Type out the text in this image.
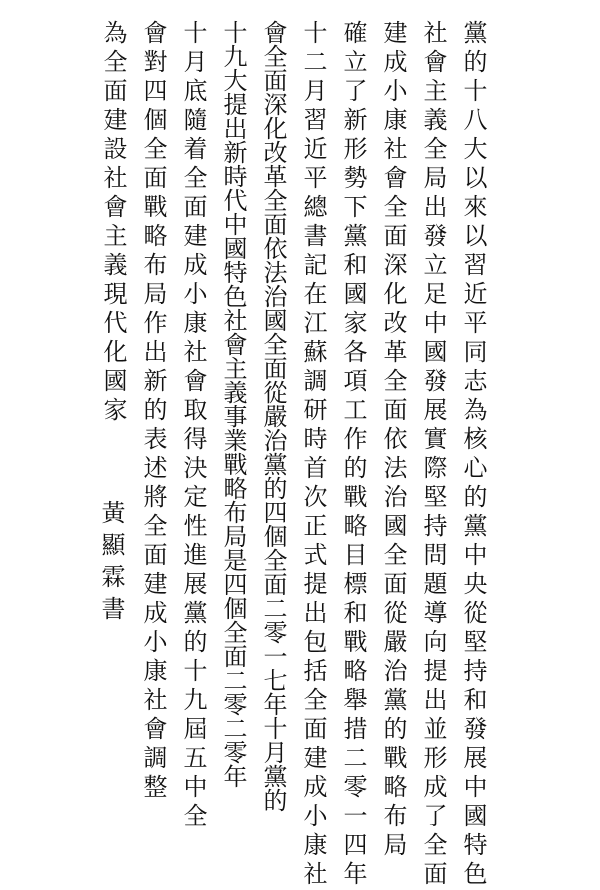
黨的十八大以來以習近平同志為核心的黨中央從堅持和發展中國特色
社會主義全局出發立足中國發展實際堅持問題導向提出並形成了全面
建成小康社會全面深化改革全面依法治國全面從嚴治黨的戰略布局
確立了新形勢下黨和國家各項工作的戰略目標和戰略舉措二零一四年
十二月習近平總書記在江蘇調研時首次正式提出包括全面建成小康社
會全面深化改革全面依法治國全面從嚴治黨的四個全面二零一七年十月黨的
十九大提出新時代中國特色社會主義事業戰略布局是四個全面二零二零年
十月底隨着全面建成小康社會取得決定性進展黨的十九屆五中全
會對四個全面戰略布局作出新的表述將全面建成小康社會調整
為全面建設社會主義現代化國家
黃顯霖書
